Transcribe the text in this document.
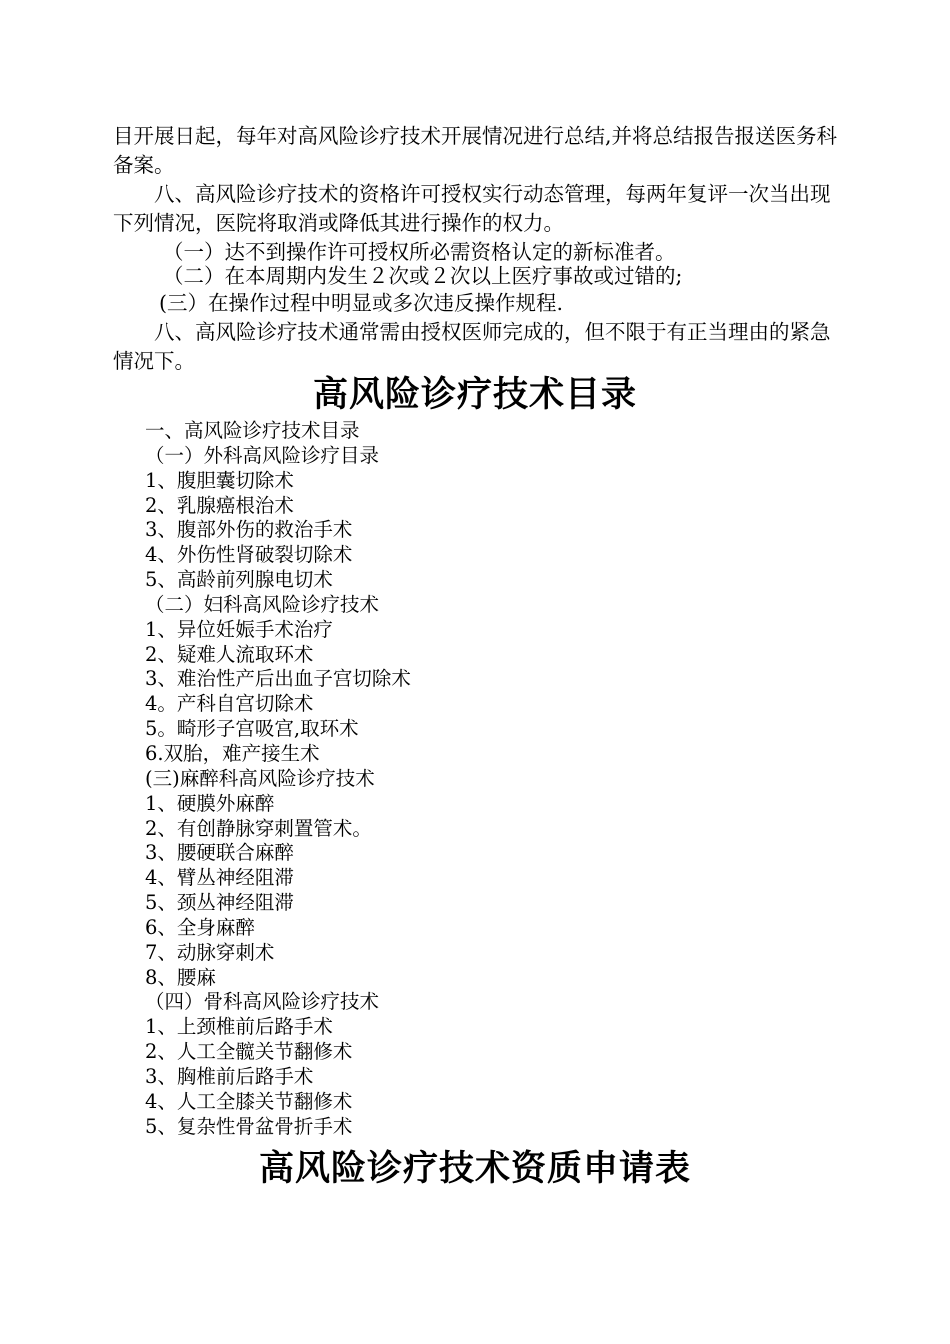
目开展日起，每年对高风险诊疗技术开展情况进行总结,并将总结报告报送医务科备案。
八、高风险诊疗技术的资格许可授权实行动态管理，每两年复评一次当出现下列情况，医院将取消或降低其进行操作的权力。
（一）达不到操作许可授权所必需资格认定的新标准者。
（二）在本周期内发生２次或２次以上医疗事故或过错的;
(三）在操作过程中明显或多次违反操作规程.
八、高风险诊疗技术通常需由授权医师完成的，但不限于有正当理由的紧急情况下。
高风险诊疗技术目录
一、高风险诊疗技术目录
（一）外科高风险诊疗目录
1、腹胆囊切除术
2、乳腺癌根治术
3、腹部外伤的救治手术
4、外伤性肾破裂切除术
5、高龄前列腺电切术
（二）妇科高风险诊疗技术
1、异位妊娠手术治疗
2、疑难人流取环术
3、难治性产后出血子宫切除术
4。产科自宫切除术
5。畸形子宫吸宫,取环术
6.双胎，难产接生术
(三)麻醉科高风险诊疗技术
1、硬膜外麻醉
2、有创静脉穿刺置管术。
3、腰硬联合麻醉
4、臂丛神经阻滞
5、颈丛神经阻滞
6、全身麻醉
7、动脉穿刺术
8、腰麻
（四）骨科高风险诊疗技术
1、上颈椎前后路手术
2、人工全髋关节翻修术
3、胸椎前后路手术
4、人工全膝关节翻修术
5、复杂性骨盆骨折手术
高风险诊疗技术资质申请表
